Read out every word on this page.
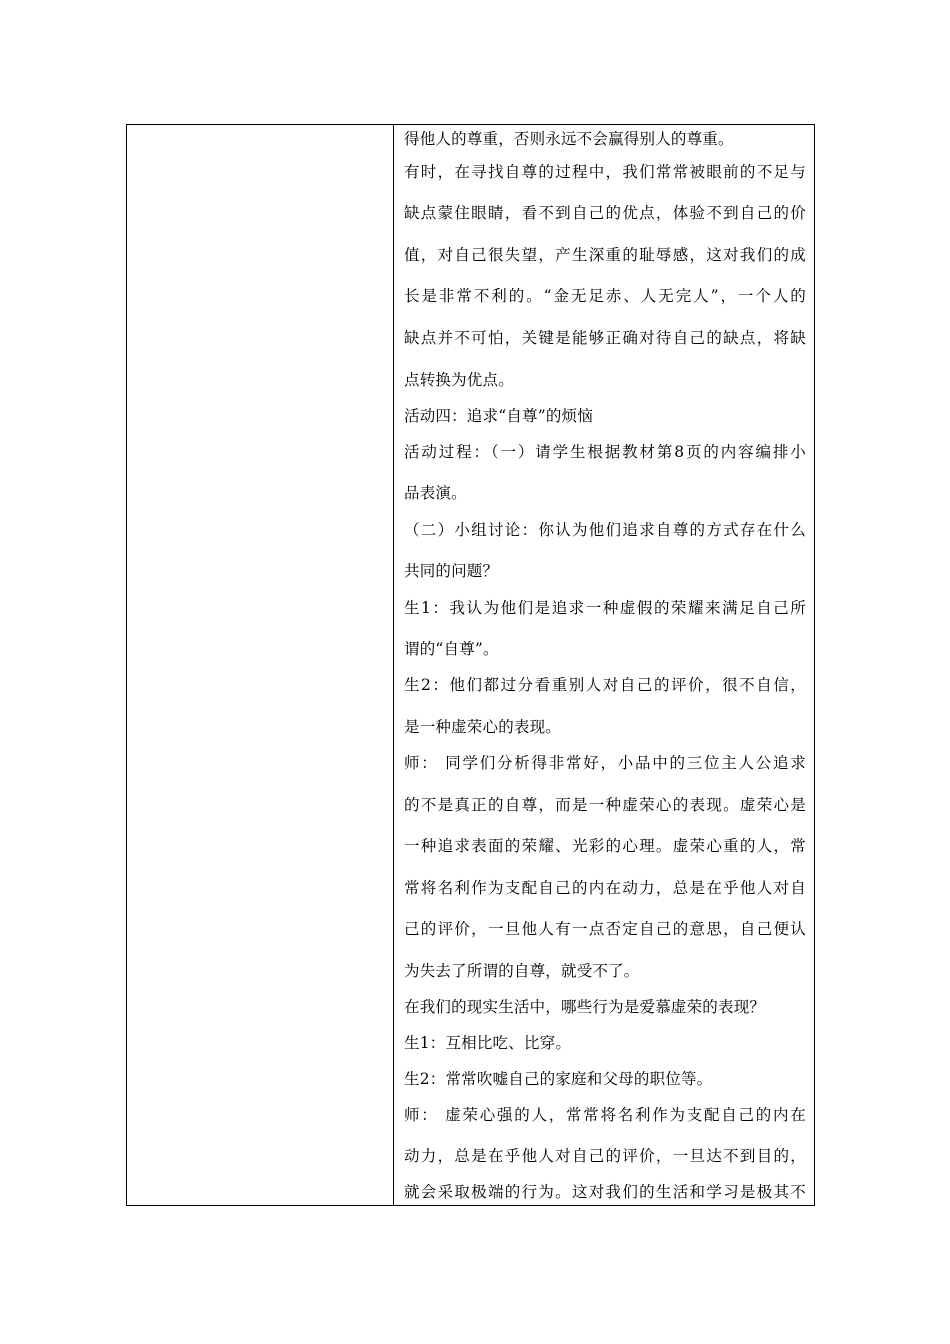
得他人的尊重，否则永远不会赢得别人的尊重。
有时，在寻找自尊的过程中，我们常常被眼前的不足与
缺点蒙住眼睛，看不到自己的优点，体验不到自己的价
值，对自己很失望，产生深重的耻辱感，这对我们的成
长是非常不利的。“金无足赤、人无完人”，一个人的
缺点并不可怕，关键是能够正确对待自己的缺点，将缺
点转换为优点。
活动四：追求“自尊”的烦恼
活动过程：（一）请学生根据教材第8页的内容编排小
品表演。
（二）小组讨论：你认为他们追求自尊的方式存在什么
共同的问题？
生1：我认为他们是追求一种虚假的荣耀来满足自己所
谓的“自尊”。
生2：他们都过分看重别人对自己的评价，很不自信，
是一种虚荣心的表现。
师： 同学们分析得非常好，小品中的三位主人公追求
的不是真正的自尊，而是一种虚荣心的表现。虚荣心是
一种追求表面的荣耀、光彩的心理。虚荣心重的人，常
常将名利作为支配自己的内在动力，总是在乎他人对自
己的评价，一旦他人有一点否定自己的意思，自己便认
为失去了所谓的自尊，就受不了。
在我们的现实生活中，哪些行为是爱慕虚荣的表现？
生1：互相比吃、比穿。
生2：常常吹嘘自己的家庭和父母的职位等。
师： 虚荣心强的人，常常将名利作为支配自己的内在
动力，总是在乎他人对自己的评价，一旦达不到目的，
就会采取极端的行为。这对我们的生活和学习是极其不
